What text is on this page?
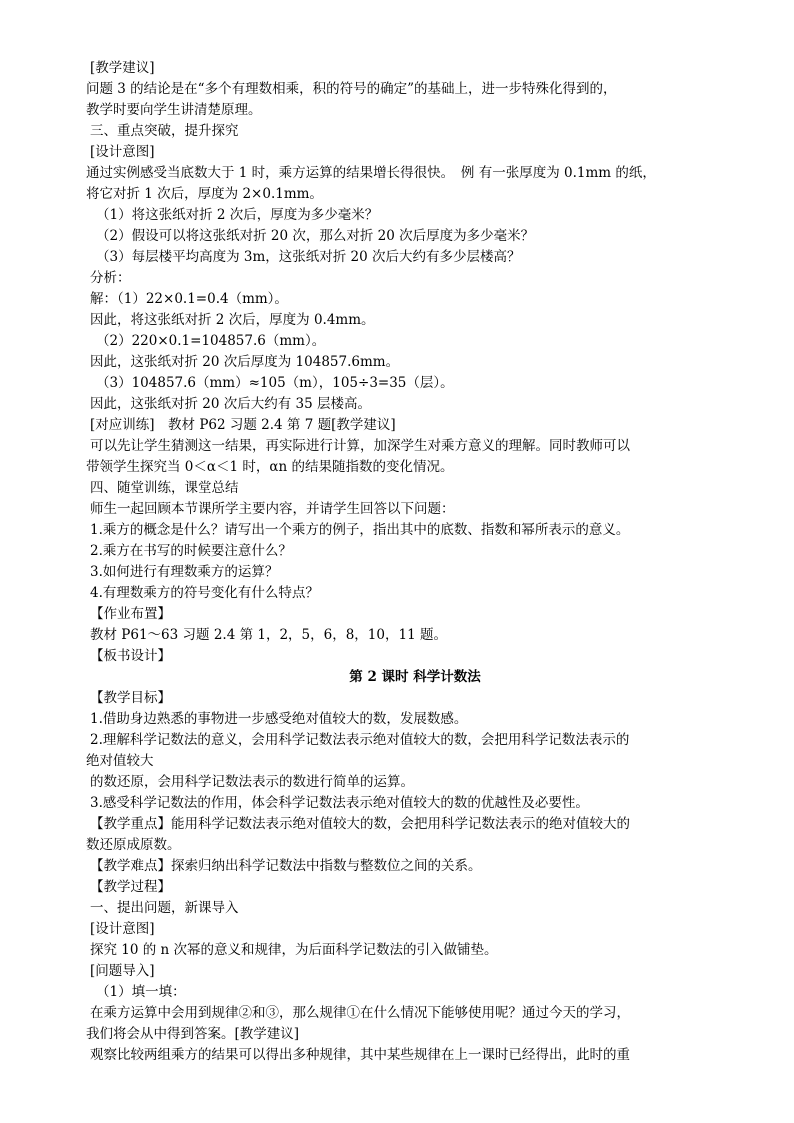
[教学建议]
问题 3 的结论是在“多个有理数相乘，积的符号的确定”的基础上，进一步特殊化得到的，
教学时要向学生讲清楚原理。
三、重点突破，提升探究
[设计意图]
通过实例感受当底数大于 1 时，乘方运算的结果增长得很快。　例 有一张厚度为 0.1mm 的纸，
将它对折 1 次后，厚度为 2×0.1mm。
（1）将这张纸对折 2 次后，厚度为多少毫米？
（2）假设可以将这张纸对折 20 次，那么对折 20 次后厚度为多少毫米？
（3）每层楼平均高度为 3m，这张纸对折 20 次后大约有多少层楼高？
分析：
解：（1）22×0.1=0.4（mm）。
因此，将这张纸对折 2 次后，厚度为 0.4mm。
（2）220×0.1=104857.6（mm）。
因此，这张纸对折 20 次后厚度为 104857.6mm。
（3）104857.6（mm）≈105（m），105÷3=35（层）。
因此，这张纸对折 20 次后大约有 35 层楼高。
[对应训练]　教材 P62 习题 2.4 第 7 题[教学建议]
可以先让学生猜测这一结果，再实际进行计算，加深学生对乘方意义的理解。同时教师可以
带领学生探究当 0＜α＜1 时，αn 的结果随指数的变化情况。
四、随堂训练，课堂总结
师生一起回顾本节课所学主要内容，并请学生回答以下问题：
1.乘方的概念是什么？请写出一个乘方的例子，指出其中的底数、指数和幂所表示的意义。
2.乘方在书写的时候要注意什么？
3.如何进行有理数乘方的运算？
4.有理数乘方的符号变化有什么特点？
【作业布置】
教材 P61～63 习题 2.4 第 1，2，5，6，8，10，11 题。
【板书设计】
第 2 课时 科学计数法
【教学目标】
1.借助身边熟悉的事物进一步感受绝对值较大的数，发展数感。
2.理解科学记数法的意义，会用科学记数法表示绝对值较大的数，会把用科学记数法表示的
绝对值较大
的数还原，会用科学记数法表示的数进行简单的运算。
3.感受科学记数法的作用，体会科学记数法表示绝对值较大的数的优越性及必要性。
【教学重点】能用科学记数法表示绝对值较大的数，会把用科学记数法表示的绝对值较大的
数还原成原数。
【教学难点】探索归纳出科学记数法中指数与整数位之间的关系。
【教学过程】
一、提出问题，新课导入
[设计意图]
探究 10 的 n 次幂的意义和规律，为后面科学记数法的引入做铺垫。
[问题导入]
（1）填一填：
在乘方运算中会用到规律②和③，那么规律①在什么情况下能够使用呢？通过今天的学习，
我们将会从中得到答案。[教学建议]
观察比较两组乘方的结果可以得出多种规律，其中某些规律在上一课时已经得出，此时的重
